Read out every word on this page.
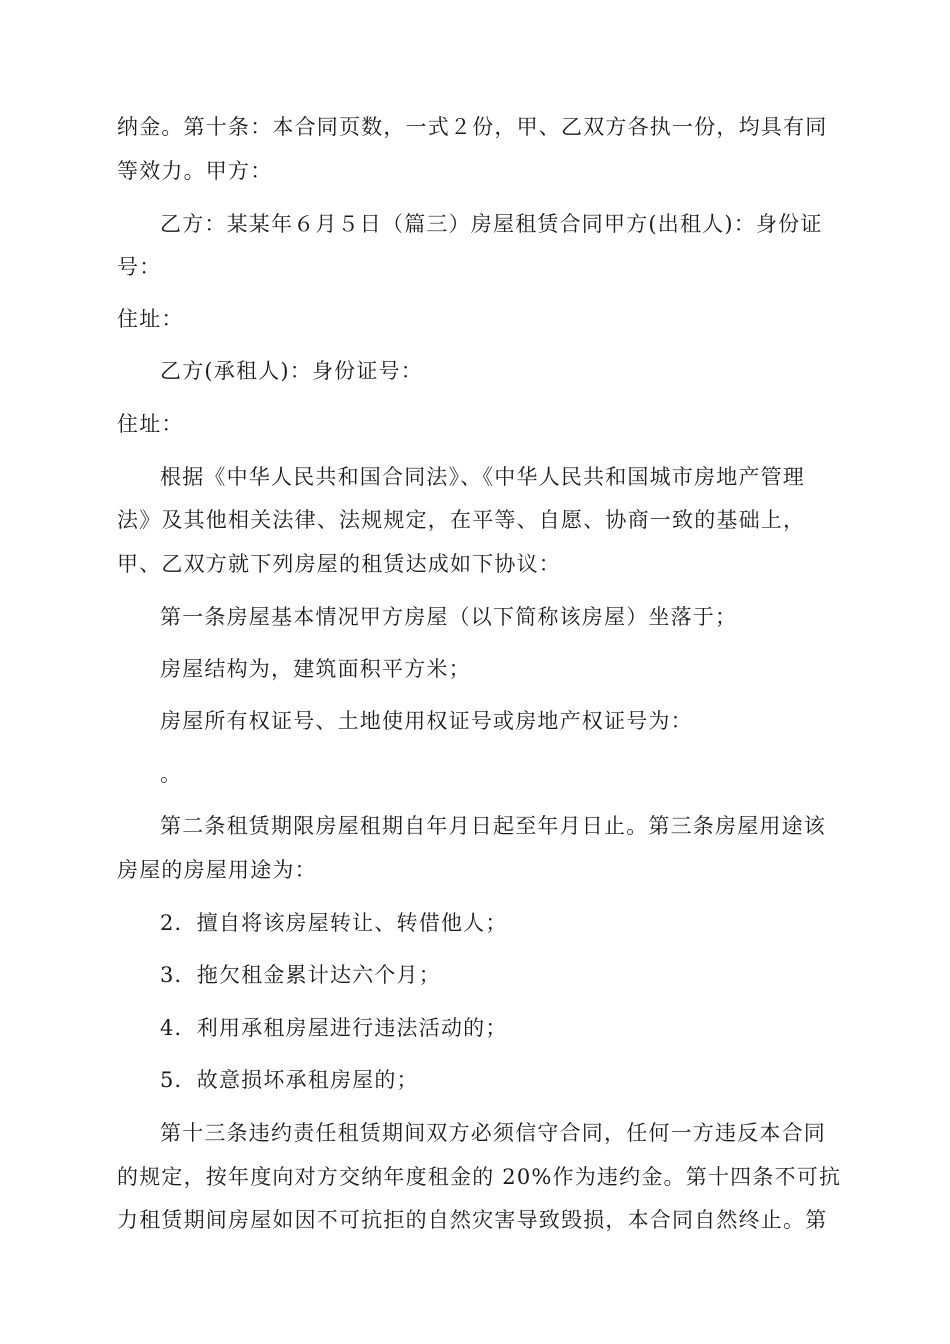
纳金。第十条：本合同页数，一式２份，甲、乙双方各执一份，均具有同
等效力。甲方：
乙方：某某年６月５日（篇三）房屋租赁合同甲方(出租人)：身份证
号：
住址：
乙方(承租人)：身份证号：
住址：
根据《中华人民共和国合同法》、《中华人民共和国城市房地产管理
法》及其他相关法律、法规规定，在平等、自愿、协商一致的基础上，
甲、乙双方就下列房屋的租赁达成如下协议：
第一条房屋基本情况甲方房屋（以下简称该房屋）坐落于；
房屋结构为，建筑面积平方米；
房屋所有权证号、土地使用权证号或房地产权证号为：
。
第二条租赁期限房屋租期自年月日起至年月日止。第三条房屋用途该
房屋的房屋用途为：
2．擅自将该房屋转让、转借他人；
3．拖欠租金累计达六个月；
4．利用承租房屋进行违法活动的；
5．故意损坏承租房屋的；
第十三条违约责任租赁期间双方必须信守合同，任何一方违反本合同
的规定，按年度向对方交纳年度租金的 20%作为违约金。第十四条不可抗
力租赁期间房屋如因不可抗拒的自然灾害导致毁损，本合同自然终止。第
